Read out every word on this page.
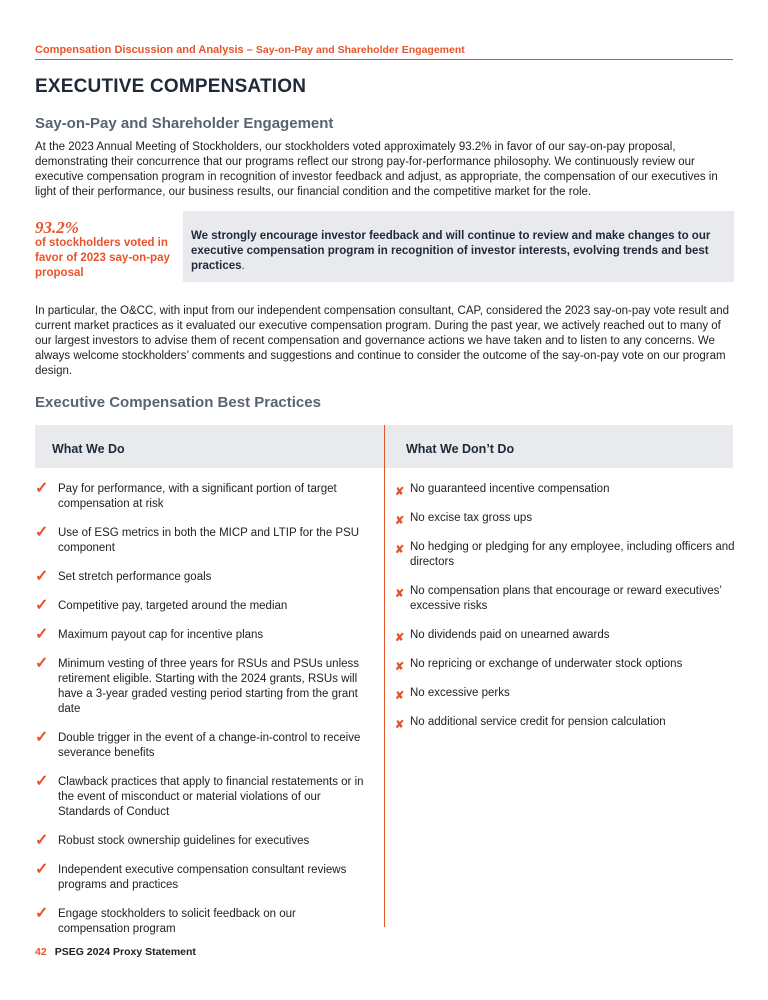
Compensation Discussion and Analysis – Say-on-Pay and Shareholder Engagement
EXECUTIVE COMPENSATION
Say-on-Pay and Shareholder Engagement

At the 2023 Annual Meeting of Stockholders, our stockholders voted approximately 93.2% in favor of our say-on-pay proposal, demonstrating their concurrence that our programs reflect our strong pay-for-performance philosophy. We continuously review our executive compensation program in recognition of investor feedback and adjust, as appropriate, the compensation of our executives in light of their performance, our business results, our financial condition and the competitive market for the role.

93.2%
of stockholders voted in favor of 2023 say-on-pay proposal
We strongly encourage investor feedback and will continue to review and make changes to our executive compensation program in recognition of investor interests, evolving trends and best practices.

In particular, the O&CC, with input from our independent compensation consultant, CAP, considered the 2023 say-on-pay vote result and current market practices as it evaluated our executive compensation program. During the past year, we actively reached out to many of our largest investors to advise them of recent compensation and governance actions we have taken and to listen to any concerns. We always welcome stockholders’ comments and suggestions and continue to consider the outcome of the say-on-pay vote on our program design.

Executive Compensation Best Practices
What We Do	What We Don’t Do
✓ Pay for performance, with a significant portion of target compensation at risk
✓ Use of ESG metrics in both the MICP and LTIP for the PSU component
✓ Set stretch performance goals
✓ Competitive pay, targeted around the median
✓ Maximum payout cap for incentive plans
✓ Minimum vesting of three years for RSUs and PSUs unless retirement eligible. Starting with the 2024 grants, RSUs will have a 3-year graded vesting period starting from the grant date
✓ Double trigger in the event of a change-in-control to receive severance benefits
✓ Clawback practices that apply to financial restatements or in the event of misconduct or material violations of our Standards of Conduct
✓ Robust stock ownership guidelines for executives
✓ Independent executive compensation consultant reviews programs and practices
✓ Engage stockholders to solicit feedback on our compensation program
✘ No guaranteed incentive compensation
✘ No excise tax gross ups
✘ No hedging or pledging for any employee, including officers and directors
✘ No compensation plans that encourage or reward executives’ excessive risks
✘ No dividends paid on unearned awards
✘ No repricing or exchange of underwater stock options
✘ No excessive perks
✘ No additional service credit for pension calculation
42 PSEG 2024 Proxy Statement
